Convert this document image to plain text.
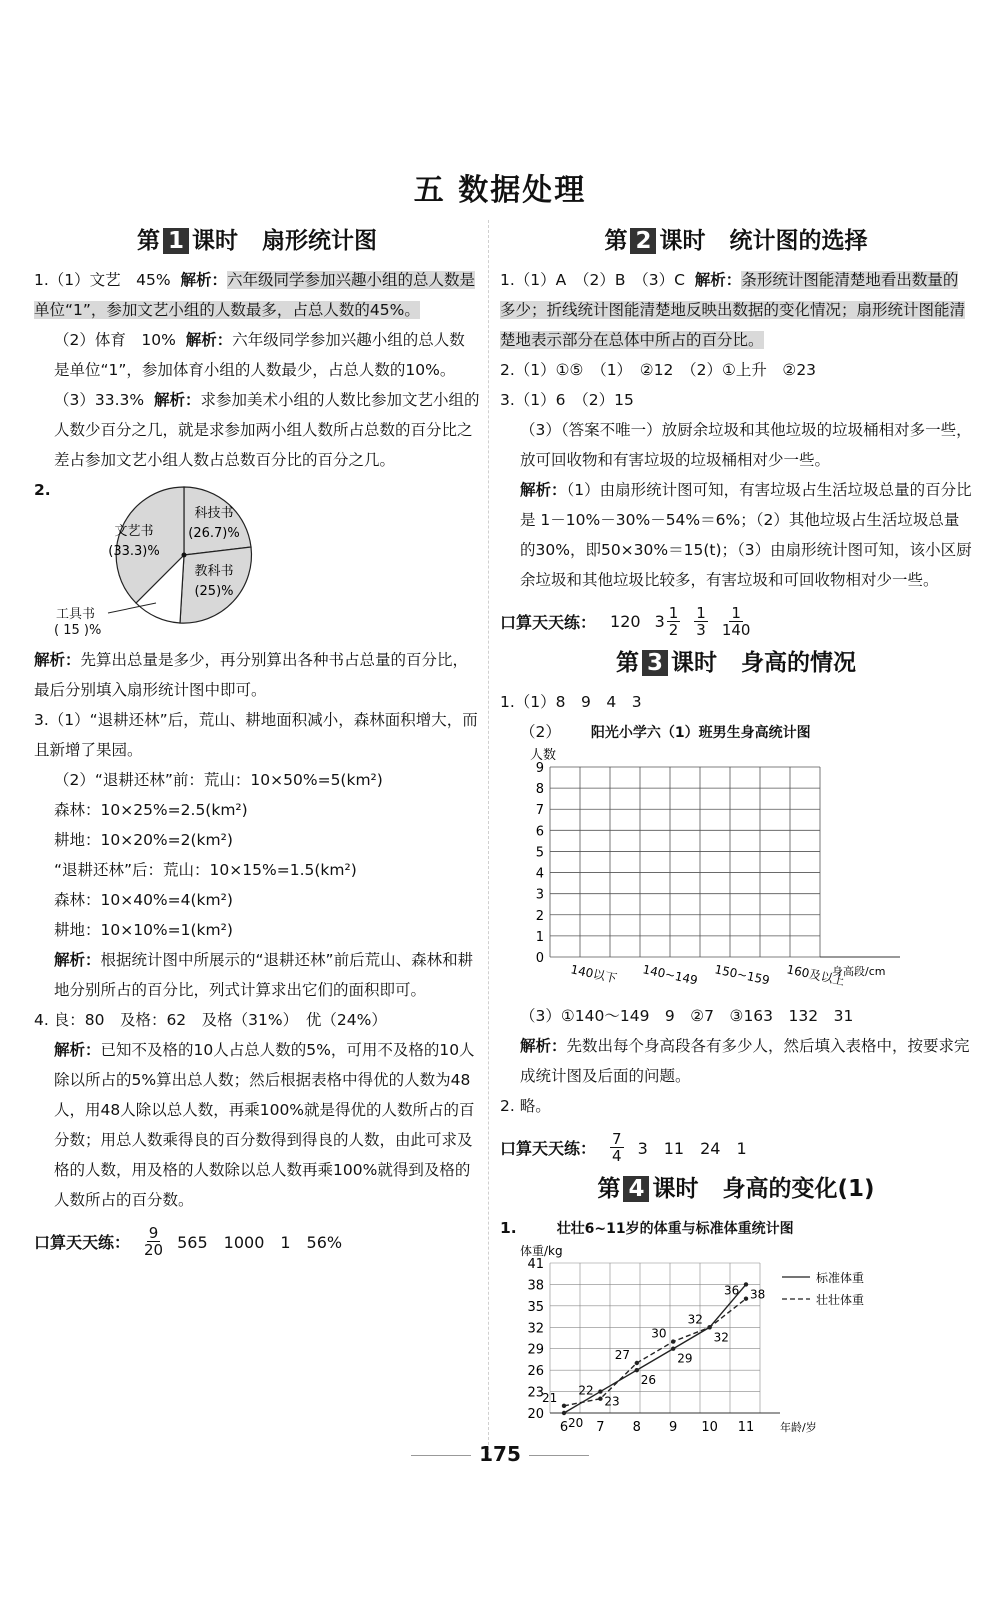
五 数据处理
第 1 课时 扇形统计图

1.（1）文艺　45% 解析：六年级同学参加兴趣小组的总人数是单位“1”，参加文艺小组的人数最多，占总人数的45%。

（2）体育　10% 解析：六年级同学参加兴趣小组的总人数是单位“1”，参加体育小组的人数最少，占总人数的10%。

（3）33.3% 解析：求参加美术小组的人数比参加文艺小组的人数少百分之几，就是求参加两小组人数所占总数的百分比之差占参加文艺小组人数占总数百分比的百分之几。

2.
文艺书
(33.3)%
科技书
(26.7)%
教科书
(25)%
工具书
( 15 )%

解析：先算出总量是多少，再分别算出各种书占总量的百分比，最后分别填入扇形统计图中即可。

3.（1）“退耕还林”后，荒山、耕地面积减小，森林面积增大，而且新增了果园。

（2）“退耕还林”前：荒山：10×50%=5(km²)

森林：10×25%=2.5(km²)

耕地：10×20%=2(km²)

“退耕还林”后：荒山：10×15%=1.5(km²)

森林：10×40%=4(km²)

耕地：10×10%=1(km²)

解析：根据统计图中所展示的“退耕还林”前后荒山、森林和耕地分别所占的百分比，列式计算求出它们的面积即可。

4. 良：80　及格：62　及格（31%）　优（24%）

解析：已知不及格的10人占总人数的5%，可用不及格的10人除以所占的5%算出总人数；然后根据表格中得优的人数为48人，用48人除以总人数，再乘100%就是得优的人数所占的百分数；用总人数乘得良的百分数得到得良的人数，由此可求及格的人数，用及格的人数除以总人数再乘100%就得到及格的人数所占的百分数。

口算天天练： $\frac{9}{20} 565$　1000　1　56%
第 2 课时 统计图的选择

1.（1）A　（2）B　（3）C 解析：条形统计图能清楚地看出数量的多少；折线统计图能清楚地反映出数据的变化情况；扇形统计图能清楚地表示部分在总体中所占的百分比。

2.（1）①⑤　（1）　②12　（2）①上升　②23

3.（1）6　（2）15

（3）（答案不唯一）放厨余垃圾和其他垃圾的垃圾桶相对多一些，放可回收物和有害垃圾的垃圾桶相对少一些。

解析：（1）由扇形统计图可知，有害垃圾占生活垃圾总量的百分比是 1－10%－30%－54%＝6%；（2）其他垃圾占生活垃圾总量的30%，即50×30%＝15(t)；（3）由扇形统计图可知，该小区厨余垃圾和其他垃圾比较多，有害垃圾和可回收物相对少一些。

口算天天练： 120 $3 \frac{1}{2} \frac{1}{3} \frac{1}{140}$
第 3 课时 身高的情况

1.（1）8　9　4　3

（2） 阳光小学六（1）班男生身高统计图
人数
0
1
2
3
4
5
6
7
8
9
140以下 140~149 150~159 160及以上
身高段/cm

（3）①140～149　9　②7　③163　132　31

解析：先数出每个身高段各有多少人，然后填入表格中，按要求完成统计图及后面的问题。

2. 略。

口算天天练： $\frac{7}{4} 3$　11　24　1
第 4 课时 身高的变化(1)
1.	壮壮6~11岁的体重与标准体重统计图
体重/kg
20
23
26
29
32
35
38
41
6 7 8 9 10 11 年龄/岁
20
23
26
29
32
38
标准体重
21
22
27
30
32
36
壮壮体重
175
